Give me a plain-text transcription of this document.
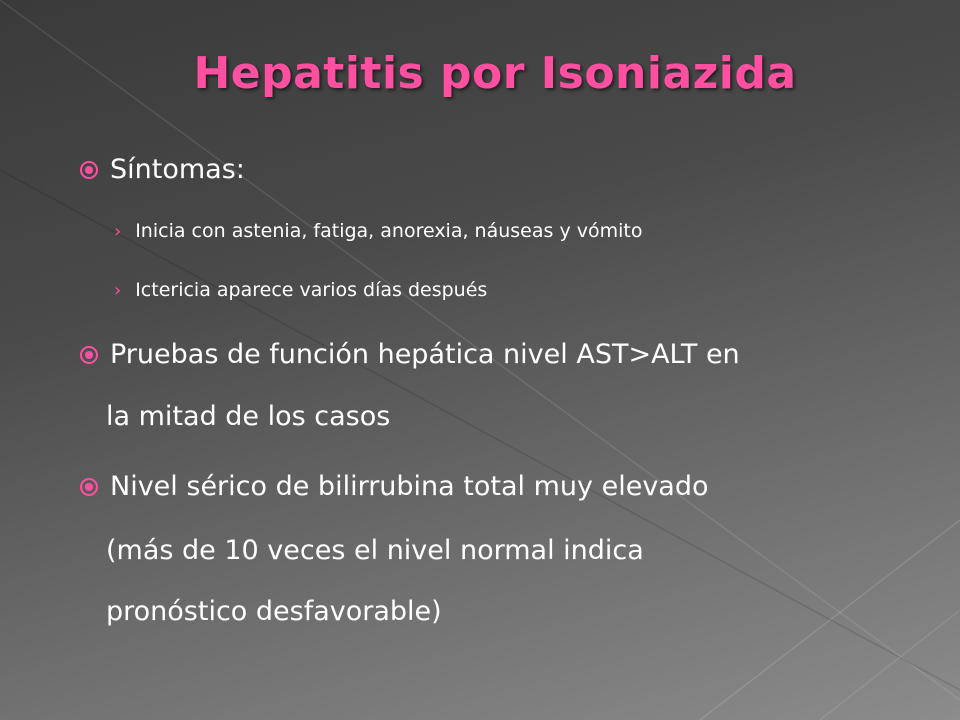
Hepatitis por Isoniazida
Síntomas:
› Inicia con astenia, fatiga, anorexia, náuseas y vómito
› Ictericia aparece varios días después
Pruebas de función hepática nivel AST>ALT en
la mitad de los casos
Nivel sérico de bilirrubina total muy elevado
(más de 10 veces el nivel normal indica
pronóstico desfavorable)
